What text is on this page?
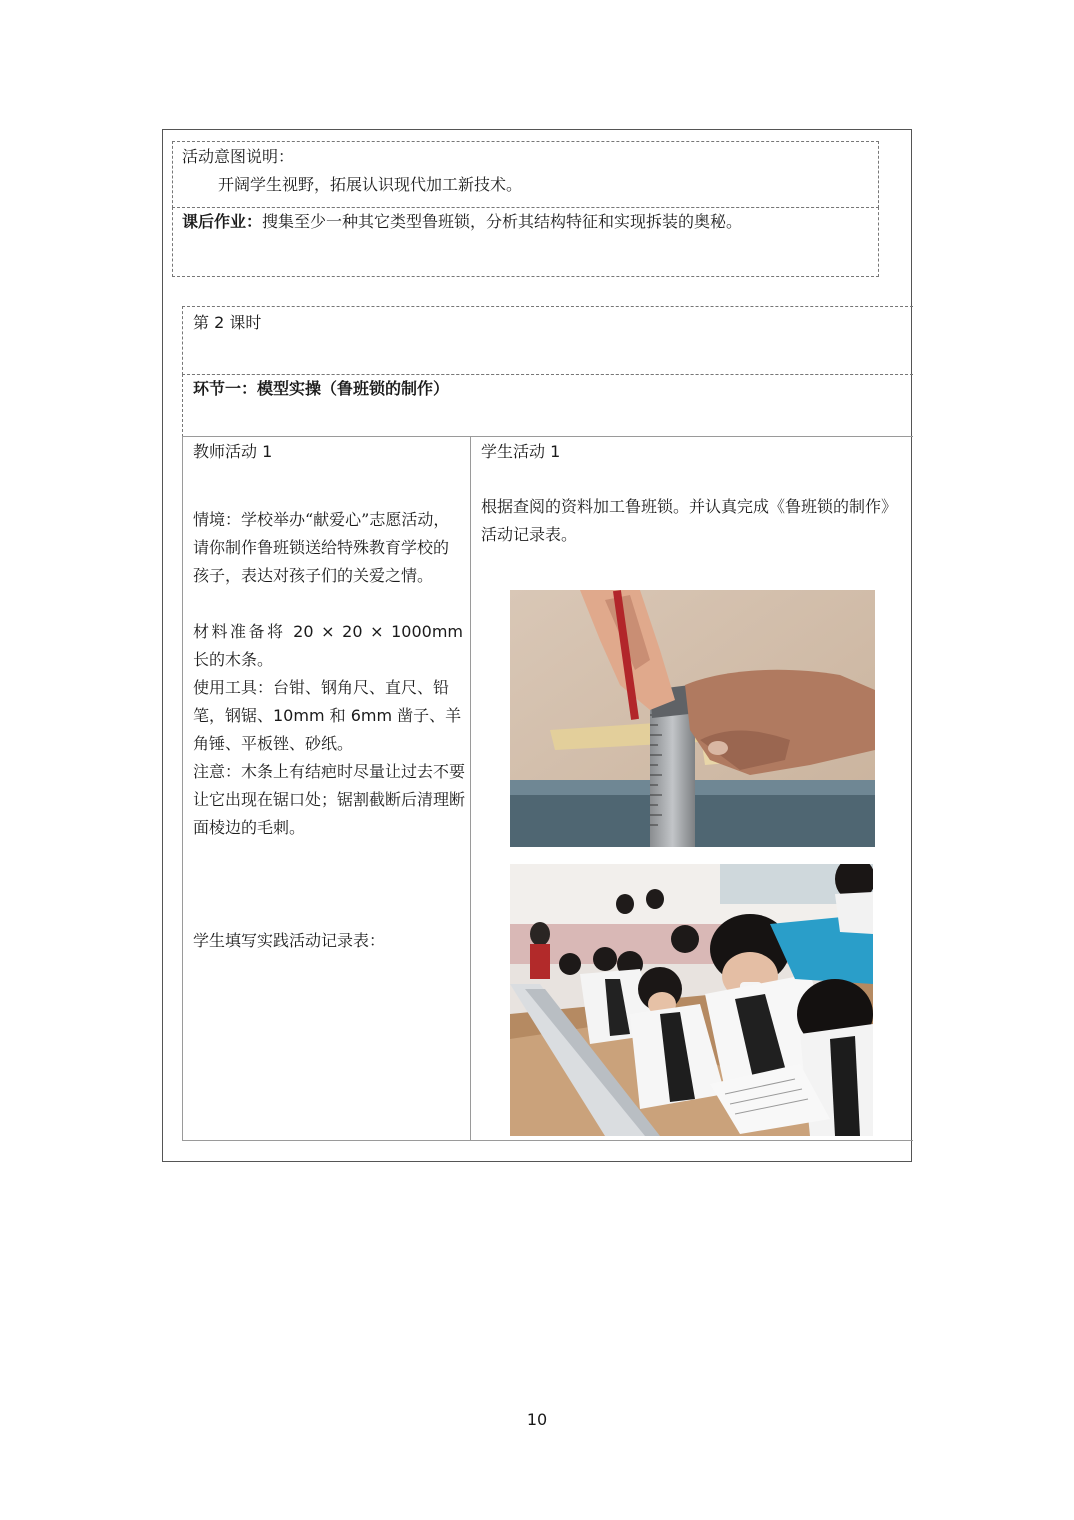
活动意图说明：
开阔学生视野，拓展认识现代加工新技术。
课后作业：搜集至少一种其它类型鲁班锁，分析其结构特征和实现拆装的奥秘。
第 2 课时
环节一：模型实操（鲁班锁的制作）
教师活动 1
情境：学校举办“献爱心”志愿活动，请你制作鲁班锁送给特殊教育学校的孩子，表达对孩子们的关爱之情。
材料准备将 20 × 20 × 1000mm
长的木条。
使用工具：台钳、钢角尺、直尺、铅笔，钢锯、10mm 和 6mm 凿子、羊角锤、平板锉、砂纸。
注意：木条上有结疤时尽量让过去不要让它出现在锯口处；锯割截断后清理断面棱边的毛刺。
学生填写实践活动记录表：
学生活动 1
根据查阅的资料加工鲁班锁。并认真完成《鲁班锁的制作》活动记录表。
10
